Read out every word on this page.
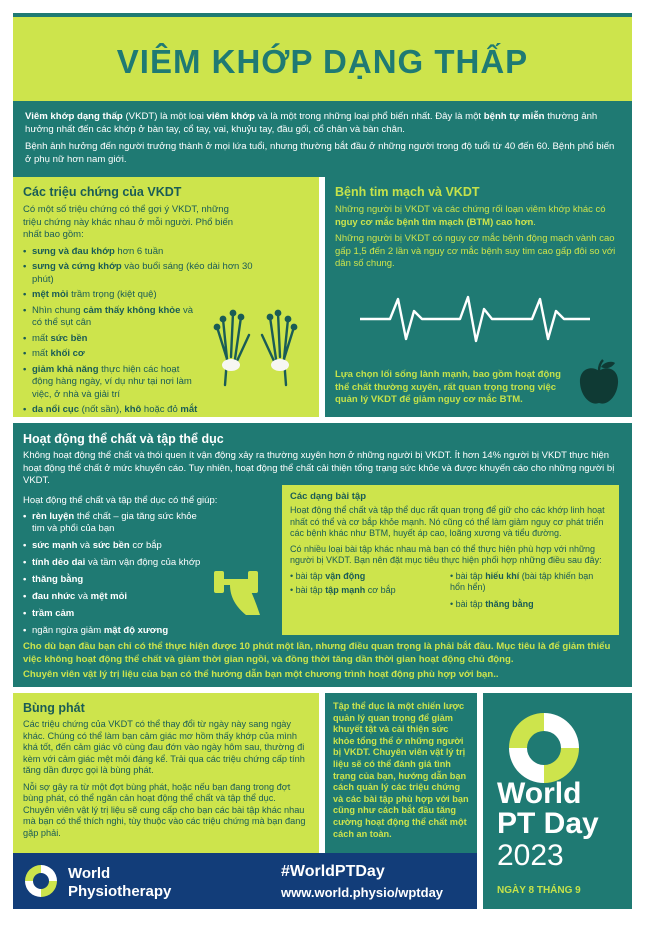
VIÊM KHỚP DẠNG THẤP

Viêm khớp dạng thấp (VKDT) là một loại viêm khớp và là một trong những loại phổ biến nhất. Đây là một bệnh tự miễn thường ảnh hưởng nhất đến các khớp ở bàn tay, cổ tay, vai, khuỷu tay, đầu gối, cổ chân và bàn chân.

Bệnh ảnh hưởng đến người trưởng thành ở mọi lứa tuổi, nhưng thường bắt đầu ở những người trong độ tuổi từ 40 đến 60. Bệnh phổ biến ở phụ nữ hơn nam giới.

Các triệu chứng của VKDT

Có một số triệu chứng có thể gợi ý VKDT, những triệu chứng này khác nhau ở mỗi người. Phổ biến nhất bao gồm:

• sưng và đau khớp hơn 6 tuần
• sưng và cứng khớp vào buổi sáng (kéo dài hơn 30 phút)
• mệt mỏi trầm trọng (kiệt quệ)
• Nhìn chung cảm thấy không khỏe và có thể sụt cân
• mất sức bền
• mất khối cơ
• giảm khả năng thực hiện các hoạt động hàng ngày, ví dụ như tại nơi làm việc, ở nhà và giải trí
• da nổi cục (nốt sần), khô hoặc đỏ mắt
Bệnh tim mạch và VKDT

Những người bị VKDT và các chứng rối loạn viêm khớp khác có nguy cơ mắc bệnh tim mạch (BTM) cao hơn.

Những người bị VKDT có nguy cơ mắc bệnh động mạch vành cao gấp 1,5 đến 2 lần và nguy cơ mắc bệnh suy tim cao gấp đôi so với dân số chung.

Lựa chọn lối sống lành mạnh, bao gồm hoạt động thể chất thường xuyên, rất quan trọng trong việc quản lý VKDT để giảm nguy cơ mắc BTM.
Hoạt động thể chất và tập thể dục

Không hoạt động thể chất và thói quen ít vận động xảy ra thường xuyên hơn ở những người bị VKDT. Ít hơn 14% người bị VKDT thực hiện hoạt động thể chất ở mức khuyến cáo. Tuy nhiên, hoạt động thể chất cải thiện tổng trạng sức khỏe và được khuyến cáo cho những người bị VKDT.

Hoạt động thể chất và tập thể dục có thể giúp:

• rèn luyện thể chất – gia tăng sức khỏe tim và phổi của bạn
• sức mạnh và sức bền cơ bắp
• tính dẻo dai và tầm vận động của khớp
• thăng bằng
• đau nhức và mệt mỏi
• trầm cảm
• ngăn ngừa giảm mật độ xương
Các dạng bài tập

Hoạt động thể chất và tập thể dục rất quan trọng để giữ cho các khớp linh hoạt nhất có thể và cơ bắp khỏe mạnh. Nó cũng có thể làm giảm nguy cơ phát triển các bệnh khác như BTM, huyết áp cao, loãng xương và tiểu đường.

Có nhiều loại bài tập khác nhau mà bạn có thể thực hiện phù hợp với những người bị VKDT. Bạn nên đặt mục tiêu thực hiện phối hợp những điều sau đây:

• bài tập vận động
• bài tập tập mạnh cơ bắp
• bài tập hiếu khí (bài tập khiến bạn hổn hển)
• bài tập thăng bằng
Cho dù bạn đầu bạn chỉ có thể thực hiện được 10 phút một lần, nhưng điều quan trọng là phải bắt đầu. Mục tiêu là để giảm thiểu việc không hoạt động thể chất và giảm thời gian ngồi, và đồng thời tăng dần thời gian hoạt động chủ động.
Chuyên viên vật lý trị liệu của bạn có thể hướng dẫn bạn một chương trình hoạt động phù hợp với bạn..
Bùng phát

Các triệu chứng của VKDT có thể thay đổi từ ngày này sang ngày khác. Chúng có thể làm bạn cảm giác mơ hồm thấy khớp của mình khá tốt, đến cảm giác vô cùng đau đớn vào ngày hôm sau, thường đi kèm với cảm giác mệt mỏi đáng kể. Trải qua các triệu chứng cấp tính tăng dần được gọi là bùng phát.

Nỗi sợ gây ra từ một đợt bùng phát, hoặc nếu bạn đang trong đợt bùng phát, có thể ngăn cản hoạt động thể chất và tập thể dục. Chuyên viên vật lý trị liệu sẽ cung cấp cho bạn các bài tập khác nhau mà bạn có thể thích nghi, tùy thuộc vào các triệu chứng mà bạn đang gặp phải.

Tập thể dục là một chiến lược quản lý quan trọng để giảm khuyết tật và cải thiện sức khỏe tổng thể ở những người bị VKDT. Chuyên viên vật lý trị liệu sẽ có thể đánh giá tình trạng của bạn, hướng dẫn bạn cách quản lý các triệu chứng và các bài tập phù hợp với bạn cũng như cách bắt đầu tăng cường hoạt động thể chất một cách an toàn.

World
PT Day
2023
NGÀY 8 THÁNG 9
World
Physiotherapy
#WorldPTDay
www.world.physio/wptday
